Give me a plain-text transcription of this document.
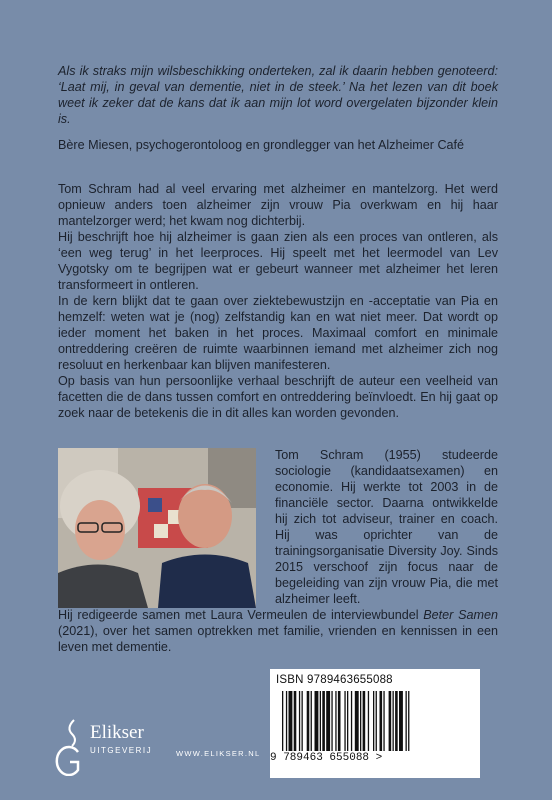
Als ik straks mijn wilsbeschikking onderteken, zal ik daarin hebben genoteerd: ‘Laat mij, in geval van dementie, niet in de steek.’ Na het lezen van dit boek weet ik zeker dat de kans dat ik aan mijn lot word overgelaten bijzonder klein is.
Bère Miesen, psychogerontoloog en grondlegger van het Alzheimer Café

Tom Schram had al veel ervaring met alzheimer en mantelzorg. Het werd opnieuw anders toen alzheimer zijn vrouw Pia overkwam en hij haar mantelzorger werd; het kwam nog dichterbij.

Hij beschrijft hoe hij alzheimer is gaan zien als een proces van ontleren, als ‘een weg terug’ in het leerproces. Hij speelt met het leermodel van Lev Vygotsky om te begrijpen wat er gebeurt wanneer met alzheimer het leren transformeert in ontleren.

In de kern blijkt dat te gaan over ziektebewustzijn en -acceptatie van Pia en hemzelf: weten wat je (nog) zelfstandig kan en wat niet meer. Dat wordt op ieder moment het baken in het proces. Maximaal comfort en minimale ontreddering creëren de ruimte waarbinnen iemand met alzheimer zich nog resoluut en herkenbaar kan blijven manifesteren.

Op basis van hun persoonlijke verhaal beschrijft de auteur een veelheid van facetten die de dans tussen comfort en ontreddering beïnvloedt. En hij gaat op zoek naar de betekenis die in dit alles kan worden gevonden.

Tom Schram (1955) studeerde sociologie (kandidaatsexamen) en economie. Hij werkte tot 2003 in de financiële sector. Daarna ontwikkelde hij zich tot adviseur, trainer en coach. Hij was oprichter van de trainingsorganisatie Diversity Joy. Sinds 2015 verschoof zijn focus naar de begeleiding van zijn vrouw Pia, die met alzheimer leeft.
Hij redigeerde samen met Laura Vermeulen de interviewbundel Beter Samen (2021), over het samen optrekken met familie, vrienden en kennissen in een leven met dementie.
Elikser
UITGEVERIJ	WWW.ELIKSER.NL
ISBN 9789463655088
9 789463 655088 >
